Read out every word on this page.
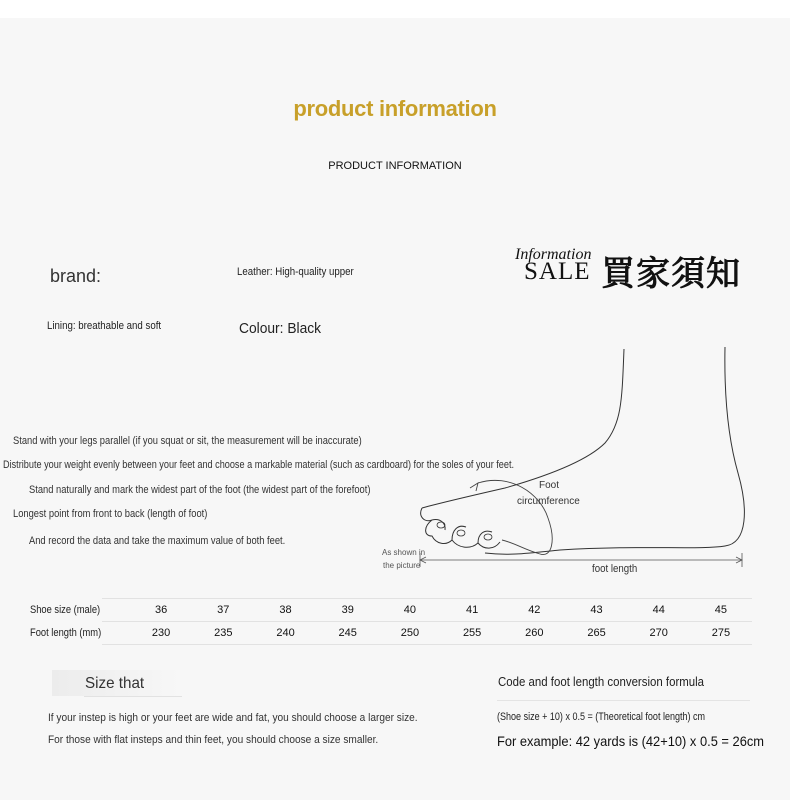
product information
PRODUCT INFORMATION
brand:	Leather: High-quality upper
Lining: breathable and soft	Colour: Black
Information
SALE 買家須知
Foot
circumference
foot length
As shown in
the picture
Stand with your legs parallel (if you squat or sit, the measurement will be inaccurate)
Distribute your weight evenly between your feet and choose a markable material (such as cardboard) for the soles of your feet.
Stand naturally and mark the widest part of the foot (the widest part of the forefoot)
Longest point from front to back (length of foot)
And record the data and take the maximum value of both feet.
Shoe size (male)	36	37	38	39	40	41	42	43	44	45
Foot length (mm)	230	235	240	245	250	255	260	265	270	275
Size that
If your instep is high or your feet are wide and fat, you should choose a larger size.
For those with flat insteps and thin feet, you should choose a size smaller.
Code and foot length conversion formula
(Shoe size + 10) x 0.5 = (Theoretical foot length) cm
For example: 42 yards is (42+10) x 0.5 = 26cm
